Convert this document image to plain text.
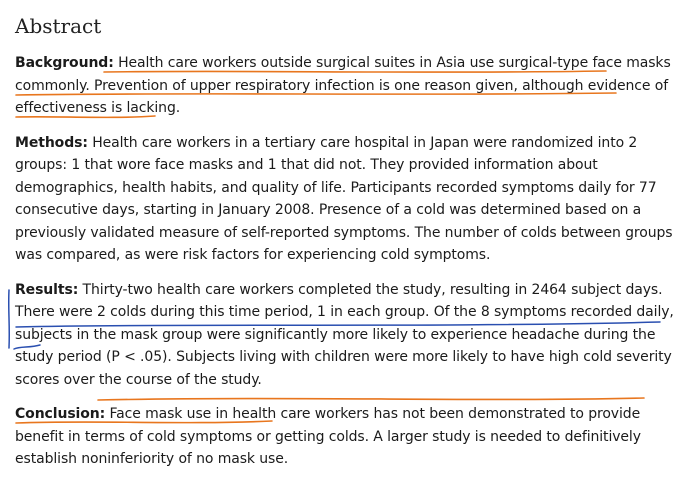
Abstract

Background: Health care workers outside surgical suites in Asia use surgical-type face masks commonly. Prevention of upper respiratory infection is one reason given, although evidence of effectiveness is lacking.

Methods: Health care workers in a tertiary care hospital in Japan were randomized into 2 groups: 1 that wore face masks and 1 that did not. They provided information about demographics, health habits, and quality of life. Participants recorded symptoms daily for 77 consecutive days, starting in January 2008. Presence of a cold was determined based on a previously validated measure of self-reported symptoms. The number of colds between groups was compared, as were risk factors for experiencing cold symptoms.

Results: Thirty-two health care workers completed the study, resulting in 2464 subject days. There were 2 colds during this time period, 1 in each group. Of the 8 symptoms recorded daily, subjects in the mask group were significantly more likely to experience headache during the study period (P < .05). Subjects living with children were more likely to have high cold severity scores over the course of the study.

Conclusion: Face mask use in health care workers has not been demonstrated to provide benefit in terms of cold symptoms or getting colds. A larger study is needed to definitively establish noninferiority of no mask use.
